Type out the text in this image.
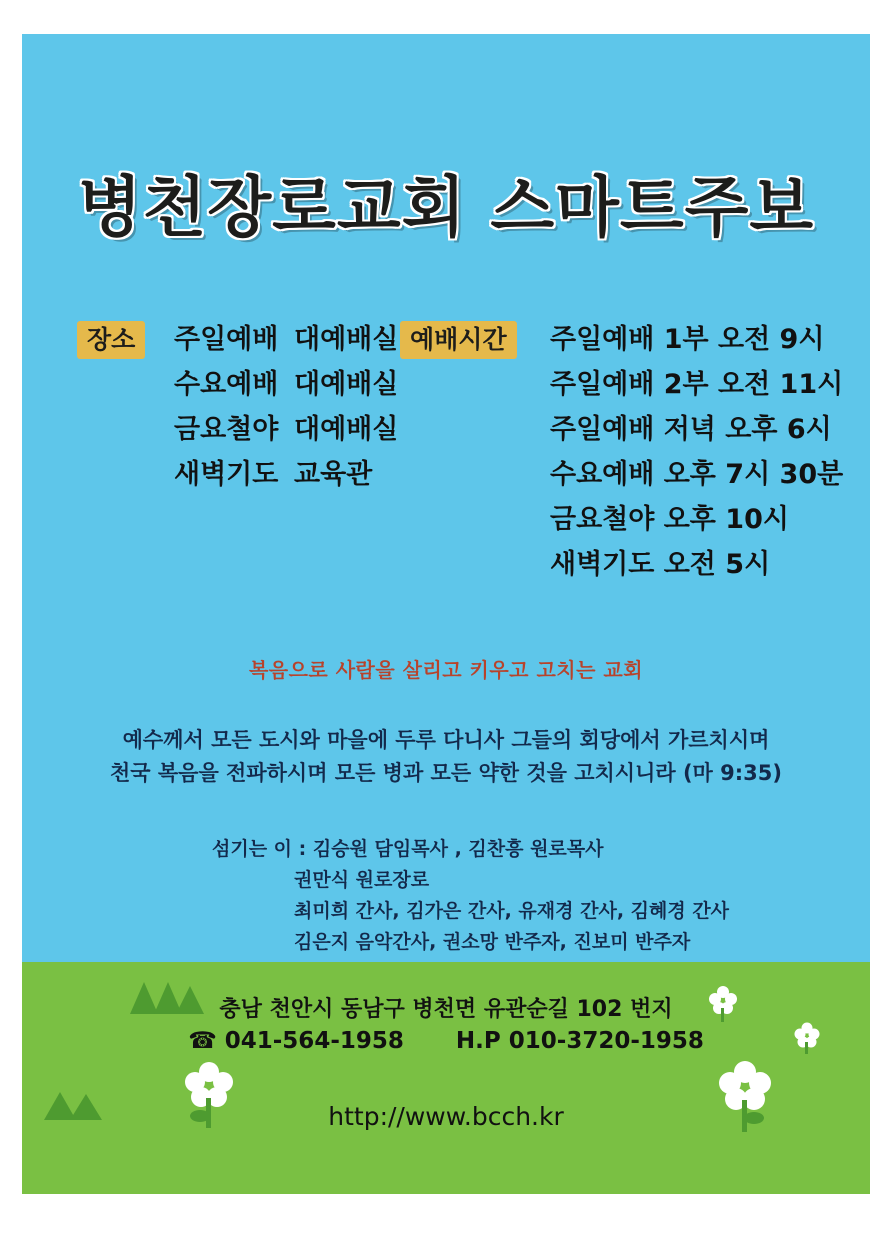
병천장로교회 스마트주보
장소	주일예배 대예배실
수요예배 대예배실
금요철야 대예배실
새벽기도 교육관
예배시간	주일예배 1부 오전 9시
주일예배 2부 오전 11시
주일예배 저녁 오후 6시
수요예배 오후 7시 30분
금요철야 오후 10시
새벽기도 오전 5시
복음으로 사람을 살리고 키우고 고치는 교회
예수께서 모든 도시와 마을에 두루 다니사 그들의 회당에서 가르치시며
천국 복음을 전파하시며 모든 병과 모든 약한 것을 고치시니라 (마 9:35)
섬기는 이 : 김승원 담임목사 , 김찬흥 원로목사
권만식 원로장로
최미희 간사, 김가은 간사, 유재경 간사, 김혜경 간사
김은지 음악간사, 권소망 반주자, 진보미 반주자
충남 천안시 동남구 병천면 유관순길 102 번지
☎ 041-564-1958 H.P 010-3720-1958
http://www.bcch.kr
